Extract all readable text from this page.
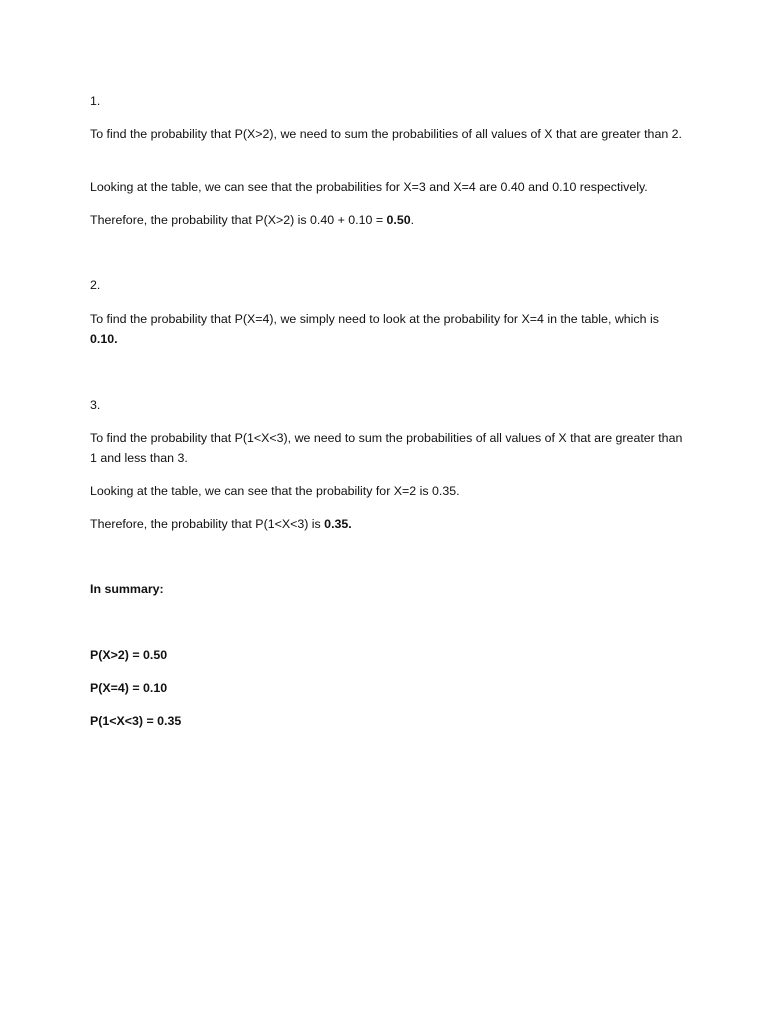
1.

To find the probability that P(X>2), we need to sum the probabilities of all values of X that are greater than 2.

Looking at the table, we can see that the probabilities for X=3 and X=4 are 0.40 and 0.10 respectively.

Therefore, the probability that P(X>2) is 0.40 + 0.10 = 0.50.

2.

To find the probability that P(X=4), we simply need to look at the probability for X=4 in the table, which is 0.10.

3.

To find the probability that P(1<X<3), we need to sum the probabilities of all values of X that are greater than 1 and less than 3.

Looking at the table, we can see that the probability for X=2 is 0.35.

Therefore, the probability that P(1<X<3) is 0.35.

In summary:

P(X>2) = 0.50

P(X=4) = 0.10

P(1<X<3) = 0.35
